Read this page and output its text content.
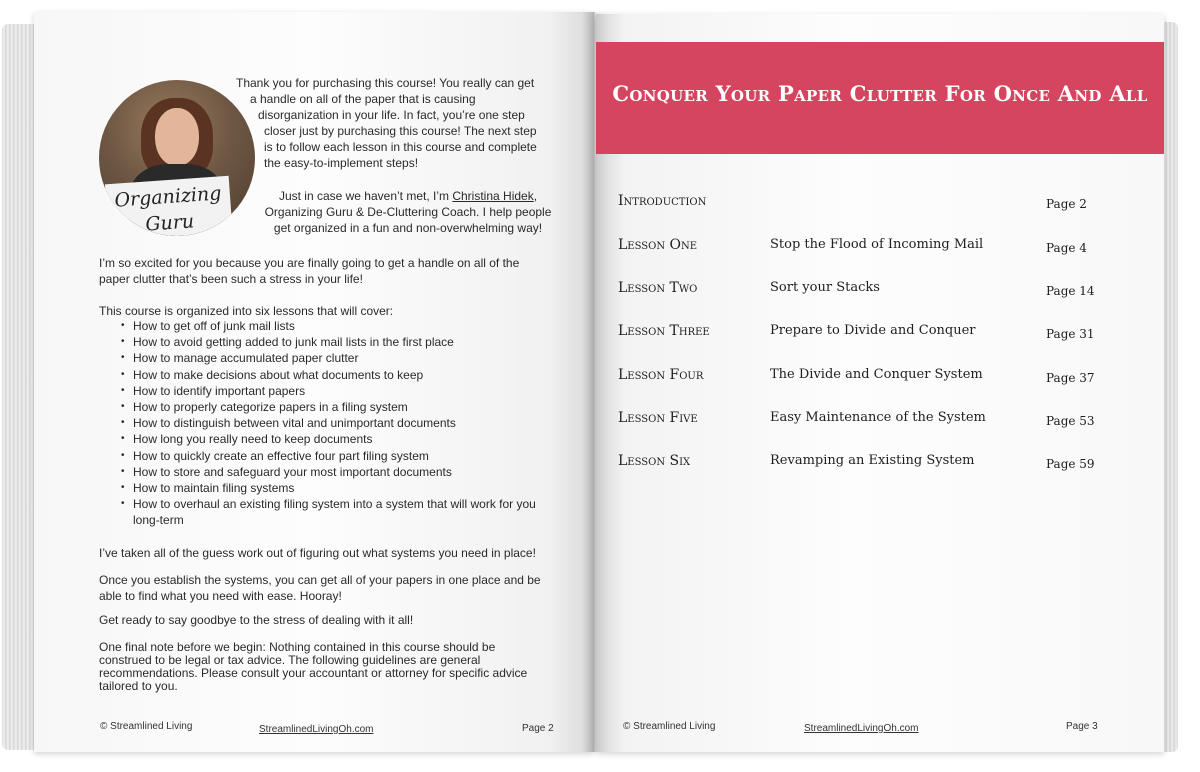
Organizing Guru
Thank you for purchasing this course! You really can get
a handle on all of the paper that is causing
disorganization in your life. In fact, you’re one step
closer just by purchasing this course! The next step
is to follow each lesson in this course and complete
the easy-to-implement steps!
Just in case we haven’t met, I’m Christina Hidek, Organizing Guru & De-Cluttering Coach. I help people get organized in a fun and non-overwhelming way!
I’m so excited for you because you are finally going to get a handle on all of the paper clutter that’s been such a stress in your life!
This course is organized into six lessons that will cover:
• How to get off of junk mail lists
• How to avoid getting added to junk mail lists in the first place
• How to manage accumulated paper clutter
• How to make decisions about what documents to keep
• How to identify important papers
• How to properly categorize papers in a filing system
• How to distinguish between vital and unimportant documents
• How long you really need to keep documents
• How to quickly create an effective four part filing system
• How to store and safeguard your most important documents
• How to maintain filing systems
• How to overhaul an existing filing system into a system that will work for you long-term
I’ve taken all of the guess work out of figuring out what systems you need in place!
Once you establish the systems, you can get all of your papers in one place and be able to find what you need with ease. Hooray!
Get ready to say goodbye to the stress of dealing with it all!
One final note before we begin: Nothing contained in this course should be construed to be legal or tax advice. The following guidelines are general recommendations. Please consult your accountant or attorney for specific advice tailored to you.
© Streamlined Living	StreamlinedLivingOh.com	Page 2
Conquer Your Paper Clutter For Once And All
Introduction	Page 2
Lesson One	Stop the Flood of Incoming Mail	Page 4
Lesson Two	Sort your Stacks	Page 14
Lesson Three	Prepare to Divide and Conquer	Page 31
Lesson Four	The Divide and Conquer System	Page 37
Lesson Five	Easy Maintenance of the System	Page 53
Lesson Six	Revamping an Existing System	Page 59
© Streamlined Living	StreamlinedLivingOh.com	Page 3
